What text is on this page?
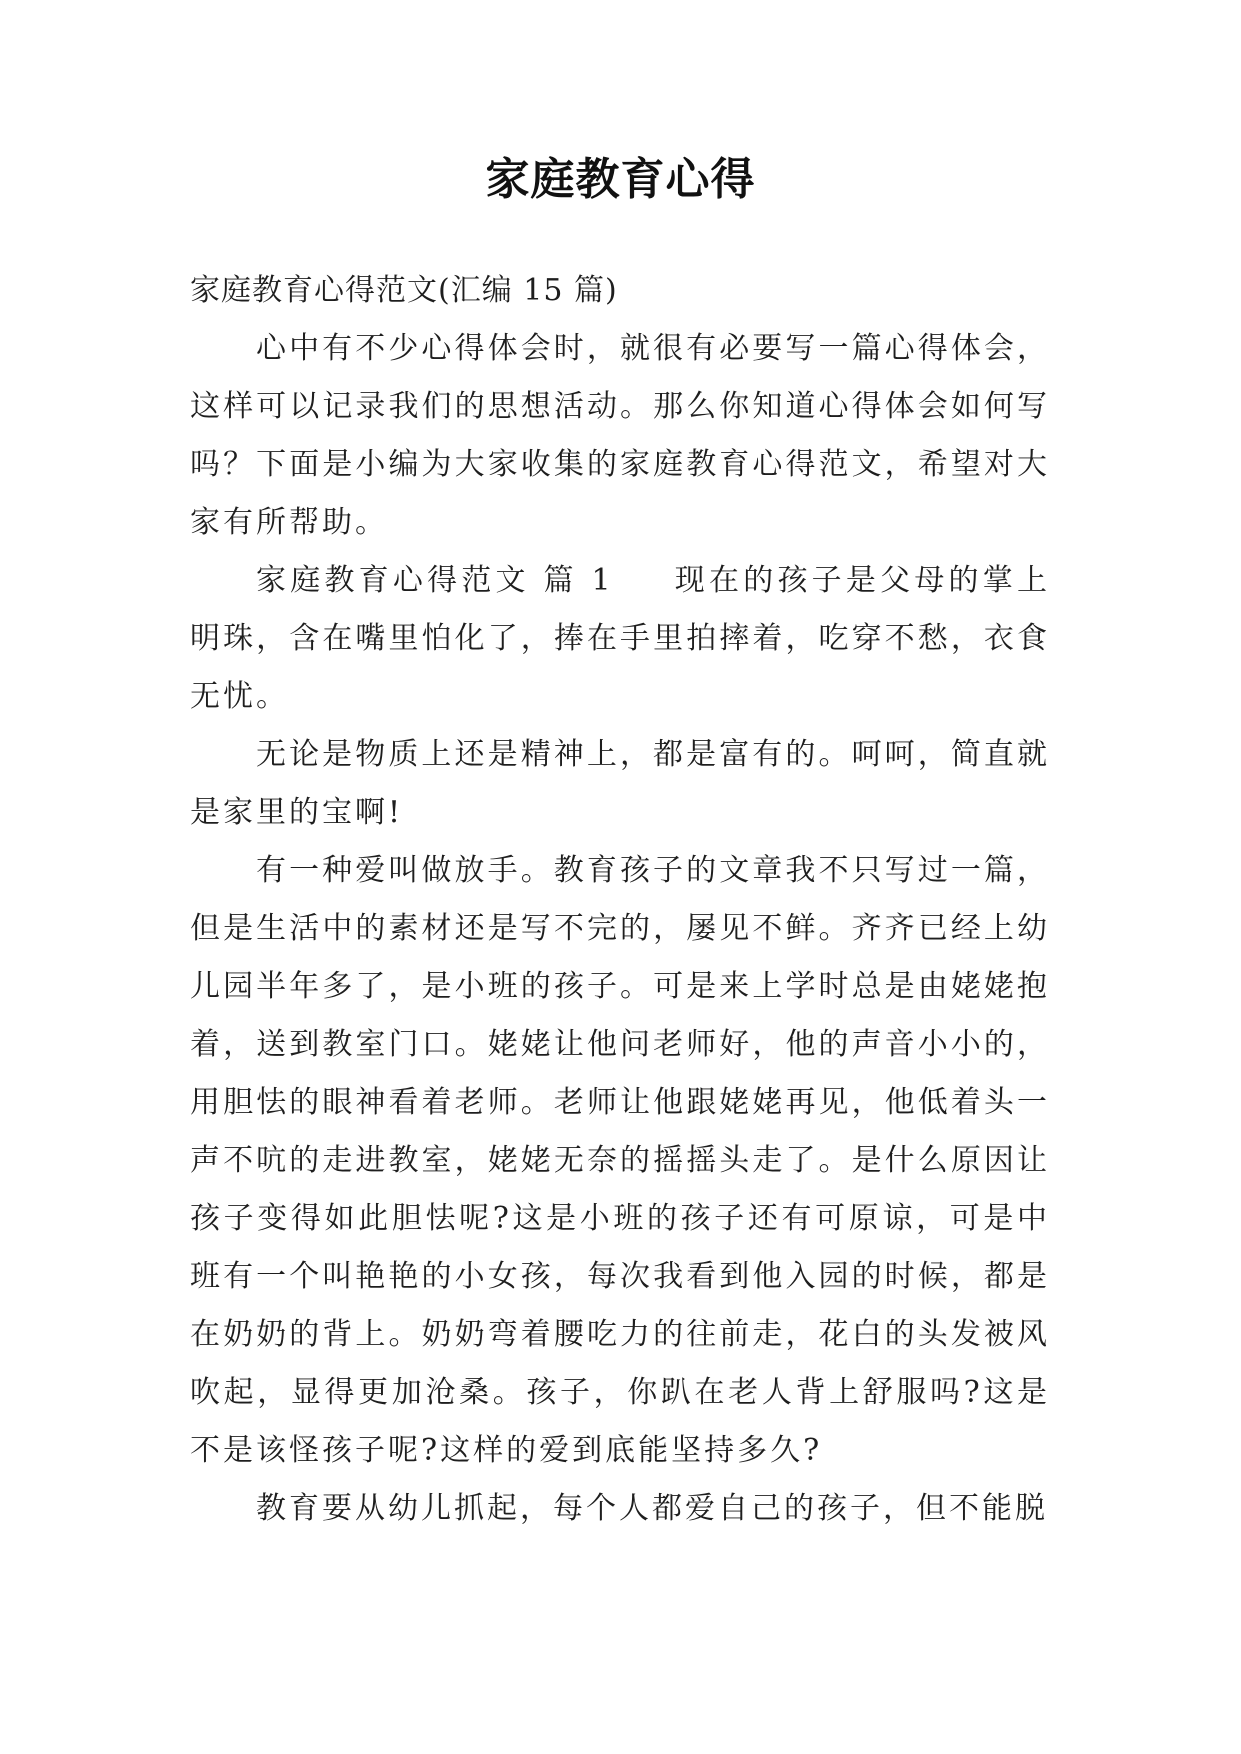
家庭教育心得

家庭教育心得范文(汇编 15 篇)

心中有不少心得体会时，就很有必要写一篇心得体会，这样可以记录我们的思想活动。那么你知道心得体会如何写吗？下面是小编为大家收集的家庭教育心得范文，希望对大家有所帮助。

家庭教育心得范文 篇 1 现在的孩子是父母的掌上明珠，含在嘴里怕化了，捧在手里拍摔着，吃穿不愁，衣食无忧。

无论是物质上还是精神上，都是富有的。呵呵，简直就是家里的宝啊!

有一种爱叫做放手。教育孩子的文章我不只写过一篇，但是生活中的素材还是写不完的，屡见不鲜。齐齐已经上幼儿园半年多了，是小班的孩子。可是来上学时总是由姥姥抱着，送到教室门口。姥姥让他问老师好，他的声音小小的，用胆怯的眼神看着老师。老师让他跟姥姥再见，他低着头一声不吭的走进教室，姥姥无奈的摇摇头走了。是什么原因让孩子变得如此胆怯呢?这是小班的孩子还有可原谅，可是中班有一个叫艳艳的小女孩，每次我看到他入园的时候，都是在奶奶的背上。奶奶弯着腰吃力的往前走，花白的头发被风吹起，显得更加沧桑。孩子，你趴在老人背上舒服吗?这是不是该怪孩子呢?这样的爱到底能坚持多久?

教育要从幼儿抓起，每个人都爱自己的孩子，但不能脱
